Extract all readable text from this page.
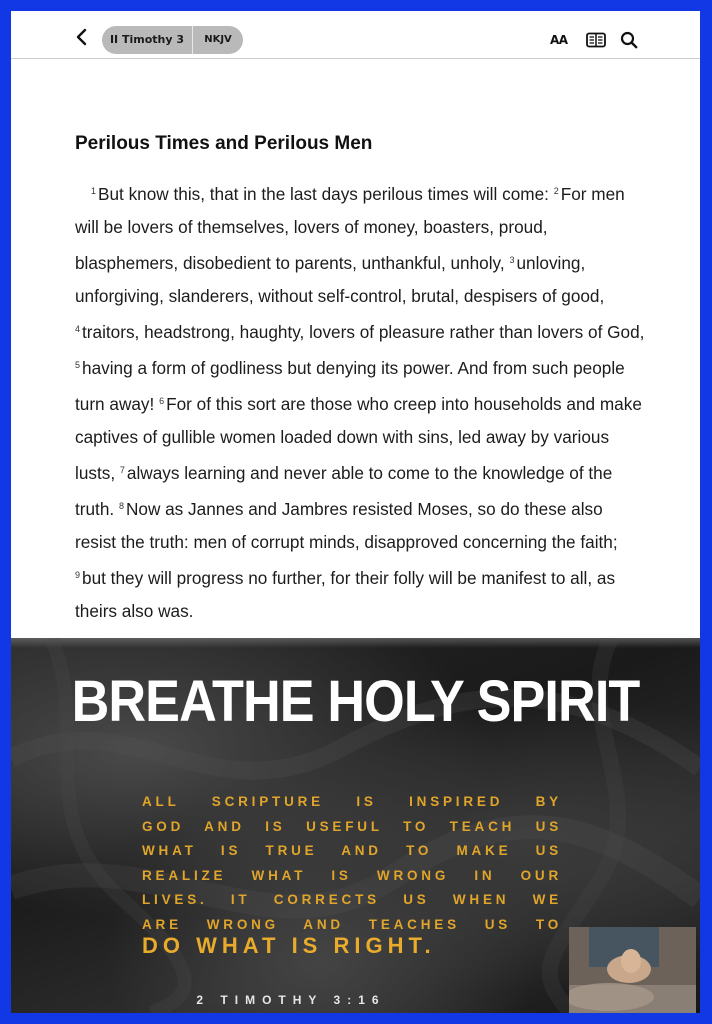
II Timothy 3	NKJV	AA
Perilous Times and Perilous Men

$^1$ But know this, that in the last days perilous times will come: $^2$ For men will be lovers of themselves, lovers of money, boasters, proud, blasphemers, disobedient to parents, unthankful, unholy, $^3$ unloving, unforgiving, slanderers, without self-control, brutal, despisers of good, $^4$ traitors, headstrong, haughty, lovers of pleasure rather than lovers of God, $^5$ having a form of godliness but denying its power. And from such people turn away! $^6$ For of this sort are those who creep into households and make captives of gullible women loaded down with sins, led away by various lusts, $^7$ always learning and never able to come to the knowledge of the truth. $^8$ Now as Jannes and Jambres resisted Moses, so do these also resist the truth: men of corrupt minds, disapproved concerning the faith; $^9$ but they will progress no further, for their folly will be manifest to all, as theirs also was.

BREATHE HOLY SPIRIT
ALL SCRIPTURE IS INSPIRED BY
GOD AND IS USEFUL TO TEACH US
WHAT IS TRUE AND TO MAKE US
REALIZE WHAT IS WRONG IN OUR
LIVES. IT CORRECTS US WHEN WE
ARE WRONG AND TEACHES US TO
DO WHAT IS RIGHT.
2 TIMOTHY 3:16
